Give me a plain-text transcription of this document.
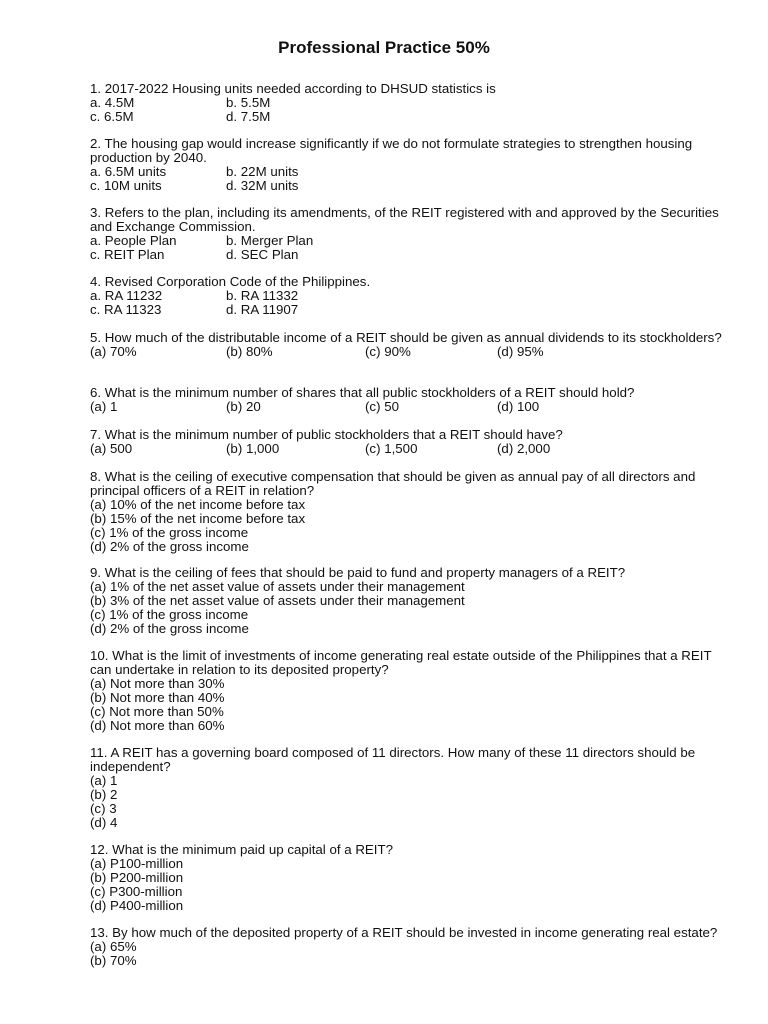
Professional Practice 50%
1. 2017-2022 Housing units needed according to DHSUD statistics is
a. 4.5M	b. 5.5M
c. 6.5M	d. 7.5M
2. The housing gap would increase significantly if we do not formulate strategies to strengthen housing production by 2040.
a. 6.5M units	b. 22M units
c. 10M units	d. 32M units
3. Refers to the plan, including its amendments, of the REIT registered with and approved by the Securities and Exchange Commission.
a. People Plan	b. Merger Plan
c. REIT Plan	d. SEC Plan
4. Revised Corporation Code of the Philippines.
a. RA 11232	b. RA 11332
c. RA 11323	d. RA 11907
5. How much of the distributable income of a REIT should be given as annual dividends to its stockholders?
(a) 70%	(b) 80%	(c) 90%	(d) 95%
6. What is the minimum number of shares that all public stockholders of a REIT should hold?
(a) 1	(b) 20	(c) 50	(d) 100
7. What is the minimum number of public stockholders that a REIT should have?
(a) 500	(b) 1,000	(c) 1,500	(d) 2,000
8. What is the ceiling of executive compensation that should be given as annual pay of all directors and principal officers of a REIT in relation?
(a) 10% of the net income before tax
(b) 15% of the net income before tax
(c) 1% of the gross income
(d) 2% of the gross income
9. What is the ceiling of fees that should be paid to fund and property managers of a REIT?
(a) 1% of the net asset value of assets under their management
(b) 3% of the net asset value of assets under their management
(c) 1% of the gross income
(d) 2% of the gross income
10. What is the limit of investments of income generating real estate outside of the Philippines that a REIT can undertake in relation to its deposited property?
(a) Not more than 30%
(b) Not more than 40%
(c) Not more than 50%
(d) Not more than 60%
11. A REIT has a governing board composed of 11 directors. How many of these 11 directors should be independent?
(a) 1
(b) 2
(c) 3
(d) 4
12. What is the minimum paid up capital of a REIT?
(a) P100-million
(b) P200-million
(c) P300-million
(d) P400-million
13. By how much of the deposited property of a REIT should be invested in income generating real estate?
(a) 65%
(b) 70%
